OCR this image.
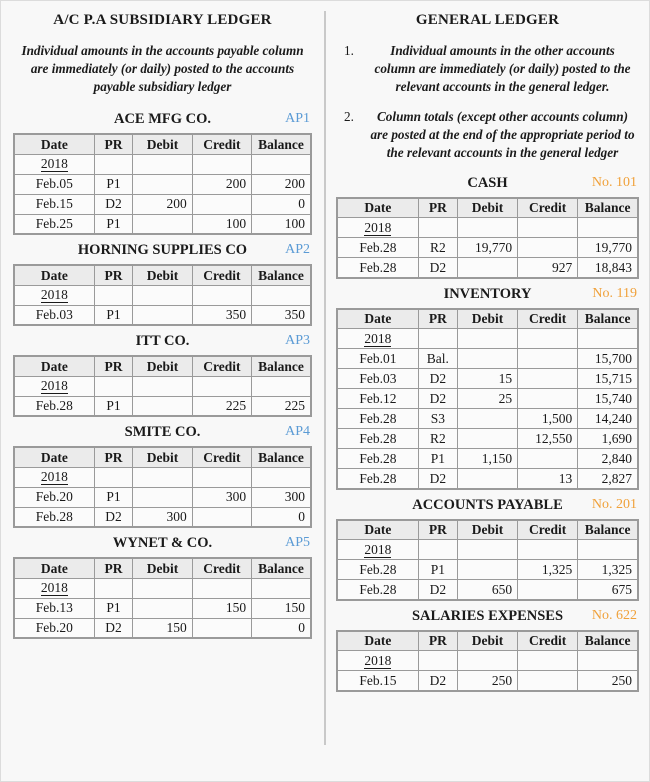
A/C P.A SUBSIDIARY LEDGER
Individual amounts in the accounts payable column are immediately (or daily) posted to the accounts payable subsidiary ledger
ACE MFG CO.	AP1
Date	PR	Debit	Credit	Balance
2018				
Feb.05	P1		200	200
Feb.15	D2	200		0
Feb.25	P1		100	100
HORNING SUPPLIES CO	AP2
Date	PR	Debit	Credit	Balance
2018				
Feb.03	P1		350	350
ITT CO.	AP3
Date	PR	Debit	Credit	Balance
2018				
Feb.28	P1		225	225
SMITE CO.	AP4
Date	PR	Debit	Credit	Balance
2018				
Feb.20	P1		300	300
Feb.28	D2	300		0
WYNET & CO.	AP5
Date	PR	Debit	Credit	Balance
2018				
Feb.13	P1		150	150
Feb.20	D2	150		0
GENERAL LEDGER
1.	Individual amounts in the other accounts column are immediately (or daily) posted to the relevant accounts in the general ledger.
2. Column totals (except other accounts column) are posted at the end of the appropriate period to the relevant accounts in the general ledger
CASH	No. 101
Date	PR	Debit	Credit	Balance
2018				
Feb.28	R2	19,770		19,770
Feb.28	D2		927	18,843
INVENTORY	No. 119
Date	PR	Debit	Credit	Balance
2018				
Feb.01	Bal.			15,700
Feb.03	D2	15		15,715
Feb.12	D2	25		15,740
Feb.28	S3		1,500	14,240
Feb.28	R2		12,550	1,690
Feb.28	P1	1,150		2,840
Feb.28	D2		13	2,827
ACCOUNTS PAYABLE No. 201
Date	PR	Debit	Credit	Balance
2018				
Feb.28	P1		1,325	1,325
Feb.28	D2	650		675
SALARIES EXPENSES No. 622
Date	PR	Debit	Credit	Balance
2018				
Feb.15	D2	250		250
